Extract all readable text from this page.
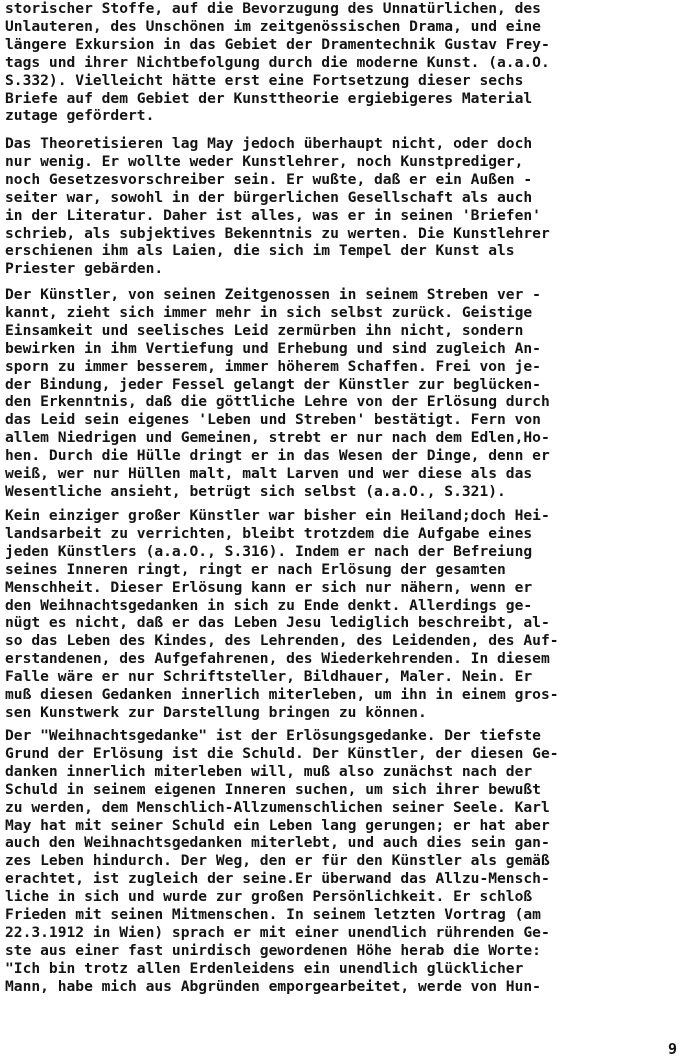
storischer Stoffe, auf die Bevorzugung des Unnatürlichen, des
Unlauteren, des Unschönen im zeitgenössischen Drama, und eine
längere Exkursion in das Gebiet der Dramentechnik Gustav Frey-
tags und ihrer Nichtbefolgung durch die moderne Kunst. (a.a.O.
S.332). Vielleicht hätte erst eine Fortsetzung dieser sechs
Briefe auf dem Gebiet der Kunsttheorie ergiebigeres Material
zutage gefördert.
Das Theoretisieren lag May jedoch überhaupt nicht, oder doch
nur wenig. Er wollte weder Kunstlehrer, noch Kunstprediger,
noch Gesetzesvorschreiber sein. Er wußte, daß er ein Außen -
seiter war, sowohl in der bürgerlichen Gesellschaft als auch
in der Literatur. Daher ist alles, was er in seinen 'Briefen'
schrieb, als subjektives Bekenntnis zu werten. Die Kunstlehrer
erschienen ihm als Laien, die sich im Tempel der Kunst als
Priester gebärden.
Der Künstler, von seinen Zeitgenossen in seinem Streben ver -
kannt, zieht sich immer mehr in sich selbst zurück. Geistige
Einsamkeit und seelisches Leid zermürben ihn nicht, sondern
bewirken in ihm Vertiefung und Erhebung und sind zugleich An-
sporn zu immer besserem, immer höherem Schaffen. Frei von je-
der Bindung, jeder Fessel gelangt der Künstler zur beglücken-
den Erkenntnis, daß die göttliche Lehre von der Erlösung durch
das Leid sein eigenes 'Leben und Streben' bestätigt. Fern von
allem Niedrigen und Gemeinen, strebt er nur nach dem Edlen,Ho-
hen. Durch die Hülle dringt er in das Wesen der Dinge, denn er
weiß, wer nur Hüllen malt, malt Larven und wer diese als das
Wesentliche ansieht, betrügt sich selbst (a.a.O., S.321).
Kein einziger großer Künstler war bisher ein Heiland;doch Hei-
landsarbeit zu verrichten, bleibt trotzdem die Aufgabe eines
jeden Künstlers (a.a.O., S.316). Indem er nach der Befreiung
seines Inneren ringt, ringt er nach Erlösung der gesamten
Menschheit. Dieser Erlösung kann er sich nur nähern, wenn er
den Weihnachtsgedanken in sich zu Ende denkt. Allerdings ge-
nügt es nicht, daß er das Leben Jesu lediglich beschreibt, al-
so das Leben des Kindes, des Lehrenden, des Leidenden, des Auf-
erstandenen, des Aufgefahrenen, des Wiederkehrenden. In diesem
Falle wäre er nur Schriftsteller, Bildhauer, Maler. Nein. Er
muß diesen Gedanken innerlich miterleben, um ihn in einem gros-
sen Kunstwerk zur Darstellung bringen zu können.
Der "Weihnachtsgedanke" ist der Erlösungsgedanke. Der tiefste
Grund der Erlösung ist die Schuld. Der Künstler, der diesen Ge-
danken innerlich miterleben will, muß also zunächst nach der
Schuld in seinem eigenen Inneren suchen, um sich ihrer bewußt
zu werden, dem Menschlich-Allzumenschlichen seiner Seele. Karl
May hat mit seiner Schuld ein Leben lang gerungen; er hat aber
auch den Weihnachtsgedanken miterlebt, und auch dies sein gan-
zes Leben hindurch. Der Weg, den er für den Künstler als gemäß
erachtet, ist zugleich der seine.Er überwand das Allzu-Mensch-
liche in sich und wurde zur großen Persönlichkeit. Er schloß
Frieden mit seinen Mitmenschen. In seinem letzten Vortrag (am
22.3.1912 in Wien) sprach er mit einer unendlich rührenden Ge-
ste aus einer fast unirdisch gewordenen Höhe herab die Worte:
"Ich bin trotz allen Erdenleidens ein unendlich glücklicher
Mann, habe mich aus Abgründen emporgearbeitet, werde von Hun-
9
